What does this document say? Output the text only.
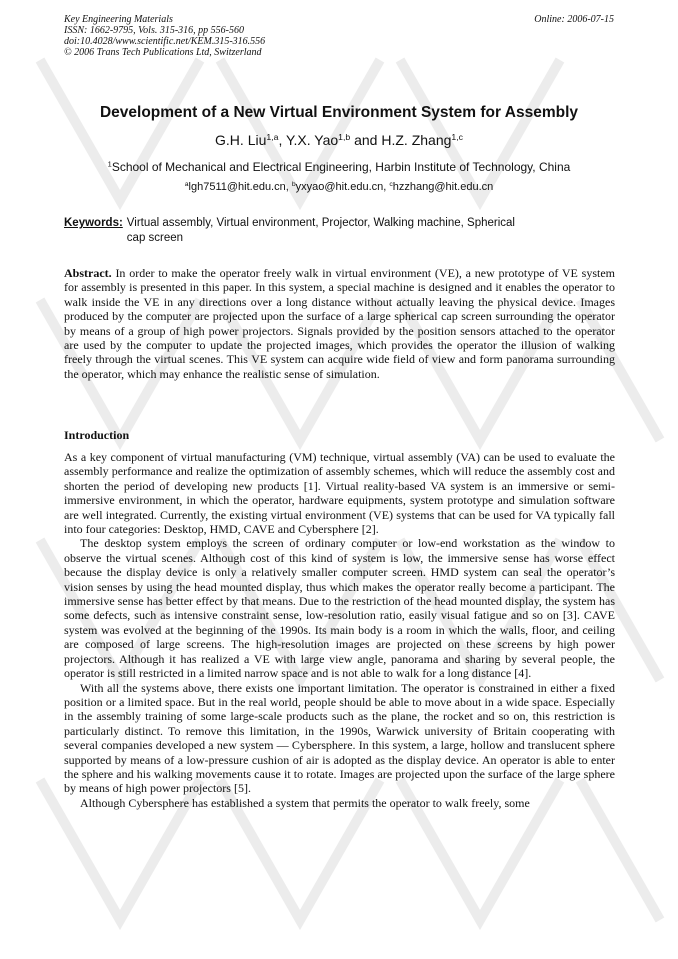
Key Engineering Materials
ISSN: 1662-9795, Vols. 315-316, pp 556-560
doi:10.4028/www.scientific.net/KEM.315-316.556
© 2006 Trans Tech Publications Ltd, Switzerland
Online: 2006-07-15
Development of a New Virtual Environment System for Assembly
G.H. Liu$^{1,a}$, Y.X. Yao$^{1,b}$ and H.Z. Zhang$^{1,c}$
$^1$School of Mechanical and Electrical Engineering, Harbin Institute of Technology, China
$^a$lgh7511@hit.edu.cn, $^b$yxyao@hit.edu.cn, $^c$hzzhang@hit.edu.cn
Keywords: Virtual assembly, Virtual environment, Projector, Walking machine, Spherical cap screen

Abstract. In order to make the operator freely walk in virtual environment (VE), a new prototype of VE system for assembly is presented in this paper. In this system, a special machine is designed and it enables the operator to walk inside the VE in any directions over a long distance without actually leaving the physical device. Images produced by the computer are projected upon the surface of a large spherical cap screen surrounding the operator by means of a group of high power projectors. Signals provided by the position sensors attached to the operator are used by the computer to update the projected images, which provides the operator the illusion of walking freely through the virtual scenes. This VE system can acquire wide field of view and form panorama surrounding the operator, which may enhance the realistic sense of simulation.

Introduction

As a key component of virtual manufacturing (VM) technique, virtual assembly (VA) can be used to evaluate the assembly performance and realize the optimization of assembly schemes, which will reduce the assembly cost and shorten the period of developing new products [1]. Virtual reality-based VA system is an immersive or semi-immersive environment, in which the operator, hardware equipments, system prototype and simulation software are well integrated. Currently, the existing virtual environment (VE) systems that can be used for VA typically fall into four categories: Desktop, HMD, CAVE and Cybersphere [2].

The desktop system employs the screen of ordinary computer or low-end workstation as the window to observe the virtual scenes. Although cost of this kind of system is low, the immersive sense has worse effect because the display device is only a relatively smaller computer screen. HMD system can seal the operator’s vision senses by using the head mounted display, thus which makes the operator really become a participant. The immersive sense has better effect by that means. Due to the restriction of the head mounted display, the system has some defects, such as intensive constraint sense, low-resolution ratio, easily visual fatigue and so on [3]. CAVE system was evolved at the beginning of the 1990s. Its main body is a room in which the walls, floor, and ceiling are composed of large screens. The high-resolution images are projected on these screens by high power projectors. Although it has realized a VE with large view angle, panorama and sharing by several people, the operator is still restricted in a limited narrow space and is not able to walk for a long distance [4].

With all the systems above, there exists one important limitation. The operator is constrained in either a fixed position or a limited space. But in the real world, people should be able to move about in a wide space. Especially in the assembly training of some large-scale products such as the plane, the rocket and so on, this restriction is particularly distinct. To remove this limitation, in the 1990s, Warwick university of Britain cooperating with several companies developed a new system — Cybersphere. In this system, a large, hollow and translucent sphere supported by means of a low-pressure cushion of air is adopted as the display device. An operator is able to enter the sphere and his walking movements cause it to rotate. Images are projected upon the surface of the large sphere by means of high power projectors [5].

Although Cybersphere has established a system that permits the operator to walk freely, some
